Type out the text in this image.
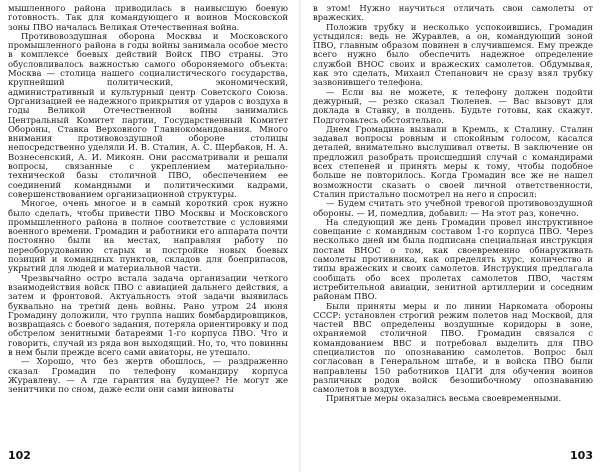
мышленного района приводилась в наивысшую боевую готовность. Так для командующего и воинов Московской зоны ПВО началась Великая Отечественная война.

Противовоздушная оборона Москвы и Московского промышленного района в годы войны занимала особое место в комплексе боевых действий Войск ПВО страны. Это обусловливалось важностью самого обороняемого объекта: Москва — столица нашего социалистического государства, крупнейший политический, экономический, административный и культурный центр Советского Союза. Организацией ее надежного прикрытия от ударов с воздуха в годы Великой Отечественной войны занимались Центральный Комитет партии, Государственный Комитет Обороны, Ставка Верховного Главнокомандования. Много внимания противовоздушной обороне столицы непосредственно уделяли И. В. Сталин, А. С. Щербаков, Н. А. Вознесенский, А. И. Микоян. Они рассматривали и решали вопросы, связанные с укреплением материально-технической базы столичной ПВО, обеспечением ее соединений командными и политическими кадрами, совершенствованием организационной структуры.

Многое, очень многое и в самый короткий срок нужно было сделать, чтобы привести ПВО Москвы и Московского промышленного района в полное соответствие с условиями военного времени. Громадин и работники его аппарата почти постоянно были на местах, направляя работу по переоборудованию старых и постройке новых боевых позиций и командных пунктов, складов для боеприпасов, укрытий для людей и материальной части.

Чрезвычайно остро встала задача организации четкого взаимодействия войск ПВО с авиацией дальнего действия, а затем и фронтовой. Актуальность этой задачи выявилась буквально на третий день войны. Рано утром 24 июня Громадину доложили, что группа наших бомбардировщиков, возвращаясь с боевого задания, потеряла ориентировку и под обстрелом зенитными батареями 1-го корпуса ПВО. Что и говорить, случай из ряда вон выходящий. Но, то, что повинны в нем были прежде всего сами авиаторы, не утешало.

— Хорошо, что без жертв обошлось, — раздраженно сказал Громадин по телефону командиру корпуса Журавлеву. — А где гарантия на будущее? Не могут же зенитчики по сном, даже если они сами виноваты

102

в этом! Нужно научиться отличать свои самолеты от вражеских.

Положив трубку и несколько успокоившись, Громадин устыдился: ведь не Журавлев, а он, командующий зоной ПВО, главным образом повинен в случившемся. Ему прежде всего нужно было обеспечить надежное определение службой ВНОС своих и вражеских самолетов. Обдумывая, как это сделать, Михаил Степанович не сразу взял трубку зазвонившего телефона.

— Если вы не можете, к телефону должен подойти дежурный, — резко сказал Тюленев. — Вас вызовут для доклада в Ставку, в полдень. Будьте готовы, как скажут. Подготовьтесь обстоятельно.

Днем Громадина вызвали в Кремль, к Сталину. Сталин задавал вопросы ровным и спокойным голосом, касался деталей, внимательно выслушивал ответы. В заключение он предложил разобрать происшедший случай с командирами всех степеней и принять меры к тому, чтобы подобное больше не повторилось. Когда Громадин все же не нашел возможности сказать о своей личной ответственности, Сталин пристально посмотрел на него и спросил:

— Будем считать это учебной тревогой противовоздушной обороны. — И, помедлив, добавил: — На этот раз, конечно.

На следующий же день Громадин провел инструктивное совещание с командным составом 1-го корпуса ПВО. Через несколько дней им была подписана специальная инструкция постам ВНОС о том, как своевременно обнаруживать самолеты противника, как определять курс, количество и типы вражеских и своих самолетов. Инструкция предлагала сообщать обо всех пролетах самолетов ПВО, частям истребительной авиации, зенитной артиллерии и соседним районам ПВО.

Были приняты меры и по линии Наркомата обороны СССР: установлен строгий режим полетов над Москвой, для частей ВВС определены воздушные коридоры в зоне, охраняемой столичной ПВО. Громадин связался с командованием ВВС и потребовал выделить для ПВО специалистов по опознаванию самолетов. Вопрос был согласован в Генеральном штабе, и в войска ПВО были направлены 150 работников ЦАГИ для обучения воинов различных родов войск безошибочному опознаванию самолетов в воздухе.

Принятые меры оказались весьма своевременными.

103
